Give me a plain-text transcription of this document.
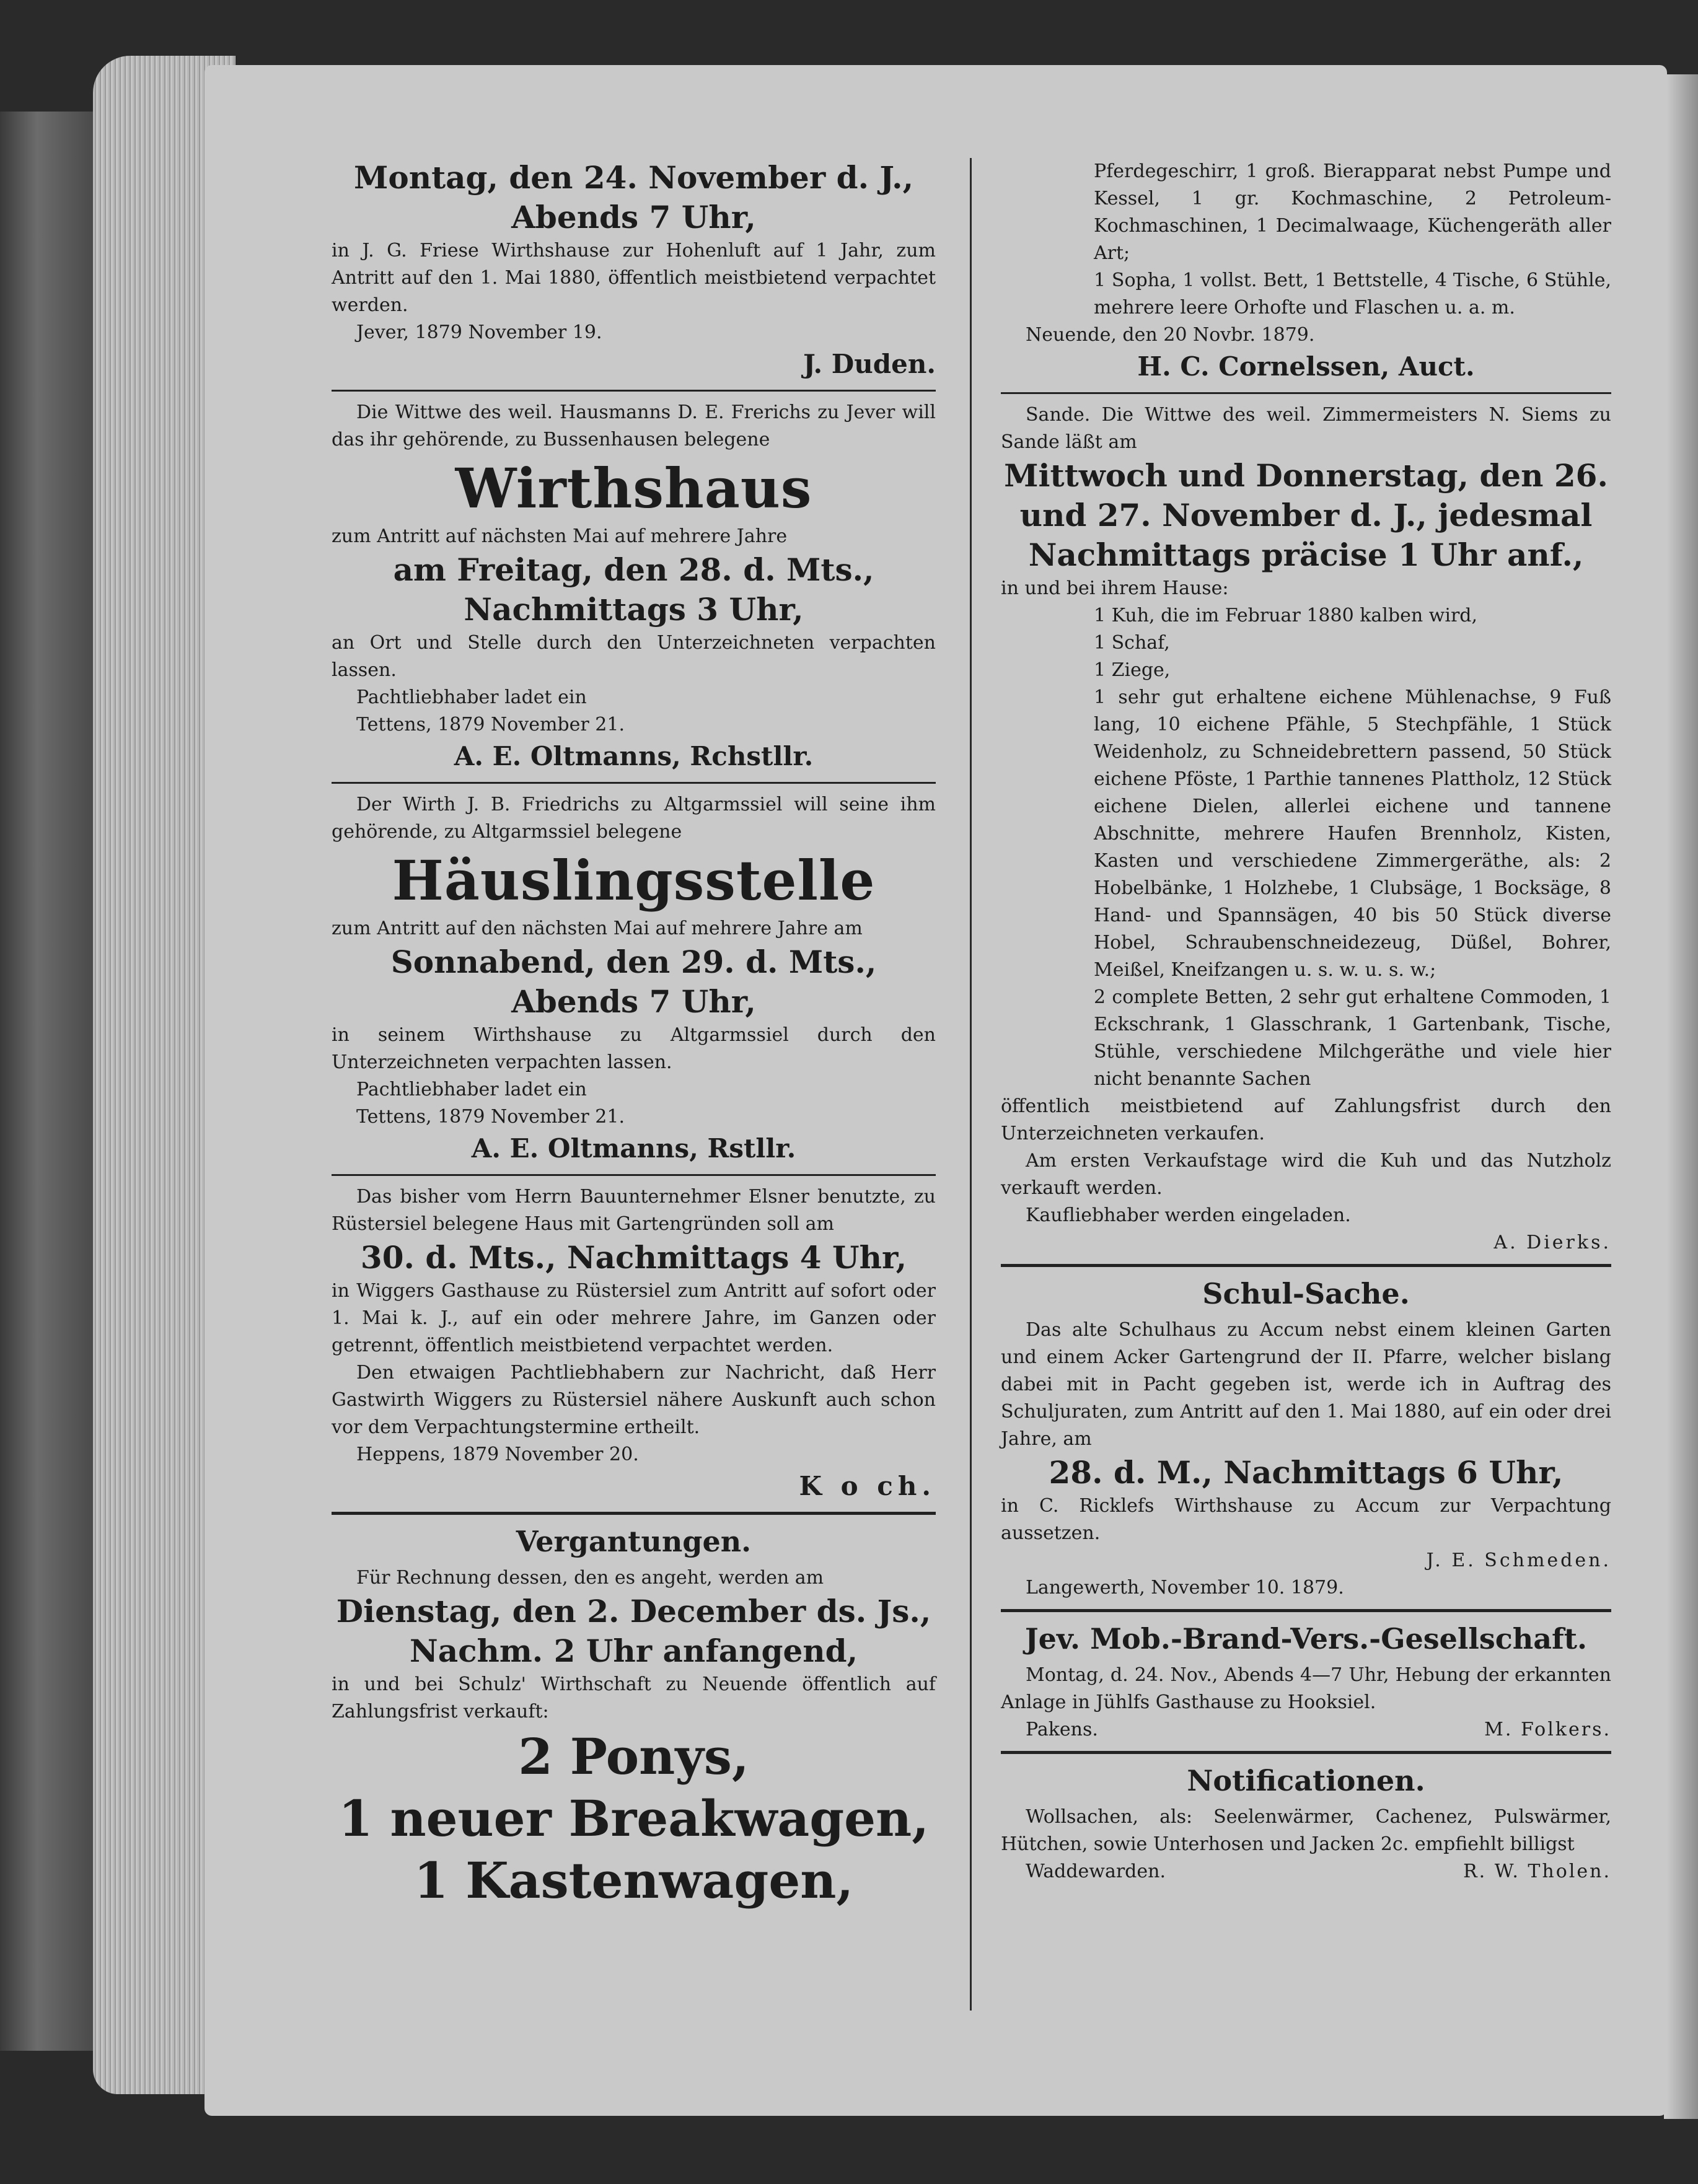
Montag, den 24. November d. J.,

Abends 7 Uhr,

in J. G. Friese Wirthshause zur Hohenluft auf 1 Jahr, zum Antritt auf den 1. Mai 1880, öffentlich meistbietend verpachtet werden.

Jever, 1879 November 19.

J. Duden.

Die Wittwe des weil. Hausmanns D. E. Frerichs zu Jever will das ihr gehörende, zu Bussenhausen belegene

Wirthshaus

zum Antritt auf nächsten Mai auf mehrere Jahre

am Freitag, den 28. d. Mts.,

Nachmittags 3 Uhr,

an Ort und Stelle durch den Unterzeichneten verpachten lassen.

Pachtliebhaber ladet ein

Tettens, 1879 November 21.

A. E. Oltmanns, Rchstllr.

Der Wirth J. B. Friedrichs zu Altgarmssiel will seine ihm gehörende, zu Altgarmssiel belegene

Häuslingsstelle

zum Antritt auf den nächsten Mai auf mehrere Jahre am

Sonnabend, den 29. d. Mts.,

Abends 7 Uhr,

in seinem Wirthshause zu Altgarmssiel durch den Unterzeichneten verpachten lassen.

Pachtliebhaber ladet ein

Tettens, 1879 November 21.

A. E. Oltmanns, Rstllr.

Das bisher vom Herrn Bauunternehmer Elsner benutzte, zu Rüstersiel belegene Haus mit Gartengründen soll am

30. d. Mts., Nachmittags 4 Uhr,

in Wiggers Gasthause zu Rüstersiel zum Antritt auf sofort oder 1. Mai k. J., auf ein oder mehrere Jahre, im Ganzen oder getrennt, öffentlich meistbietend verpachtet werden.

Den etwaigen Pachtliebhabern zur Nachricht, daß Herr Gastwirth Wiggers zu Rüstersiel nähere Auskunft auch schon vor dem Verpachtungstermine ertheilt.

Heppens, 1879 November 20.

K o ch.

Vergantungen.

Für Rechnung dessen, den es angeht, werden am

Dienstag, den 2. December ds. Js.,

Nachm. 2 Uhr anfangend,

in und bei Schulz' Wirthschaft zu Neuende öffentlich auf Zahlungsfrist verkauft:

2 Ponys,

1 neuer Breakwagen,

1 Kastenwagen,

Pferdegeschirr, 1 groß. Bierapparat nebst Pumpe und Kessel, 1 gr. Kochmaschine, 2 Petroleum-Kochmaschinen, 1 Decimalwaage, Küchengeräth aller Art;

1 Sopha, 1 vollst. Bett, 1 Bettstelle, 4 Tische, 6 Stühle, mehrere leere Orhofte und Flaschen u. a. m.

Neuende, den 20 Novbr. 1879.

H. C. Cornelssen, Auct.

Sande. Die Wittwe des weil. Zimmermeisters N. Siems zu Sande läßt am

Mittwoch und Donnerstag, den 26.

und 27. November d. J., jedesmal

Nachmittags präcise 1 Uhr anf.,

in und bei ihrem Hause:

1 Kuh, die im Februar 1880 kalben wird,

1 Schaf,

1 Ziege,

1 sehr gut erhaltene eichene Mühlenachse, 9 Fuß lang, 10 eichene Pfähle, 5 Stechpfähle, 1 Stück Weidenholz, zu Schneidebrettern passend, 50 Stück eichene Pföste, 1 Parthie tannenes Plattholz, 12 Stück eichene Dielen, allerlei eichene und tannene Abschnitte, mehrere Haufen Brennholz, Kisten, Kasten und verschiedene Zimmergeräthe, als: 2 Hobelbänke, 1 Holzhebe, 1 Clubsäge, 1 Bocksäge, 8 Hand- und Spannsägen, 40 bis 50 Stück diverse Hobel, Schraubenschneidezeug, Düßel, Bohrer, Meißel, Kneifzangen u. s. w. u. s. w.;

2 complete Betten, 2 sehr gut erhaltene Commoden, 1 Eckschrank, 1 Glasschrank, 1 Gartenbank, Tische, Stühle, verschiedene Milchgeräthe und viele hier nicht benannte Sachen

öffentlich meistbietend auf Zahlungsfrist durch den Unterzeichneten verkaufen.

Am ersten Verkaufstage wird die Kuh und das Nutzholz verkauft werden.

Kaufliebhaber werden eingeladen.

A. Dierks.

Schul-Sache.

Das alte Schulhaus zu Accum nebst einem kleinen Garten und einem Acker Gartengrund der II. Pfarre, welcher bislang dabei mit in Pacht gegeben ist, werde ich in Auftrag des Schuljuraten, zum Antritt auf den 1. Mai 1880, auf ein oder drei Jahre, am

28. d. M., Nachmittags 6 Uhr,

in C. Ricklefs Wirthshause zu Accum zur Verpachtung aussetzen.

J. E. Schmeden.

Langewerth, November 10. 1879.

Jev. Mob.-Brand-Vers.-Gesellschaft.

Montag, d. 24. Nov., Abends 4—7 Uhr, Hebung der erkannten Anlage in Jühlfs Gasthause zu Hooksiel.

Pakens.	M. Folkers.

Notificationen.

Wollsachen, als: Seelenwärmer, Cachenez, Pulswärmer, Hütchen, sowie Unterhosen und Jacken 2c. empfiehlt billigst

Waddewarden.	R. W. Tholen.
